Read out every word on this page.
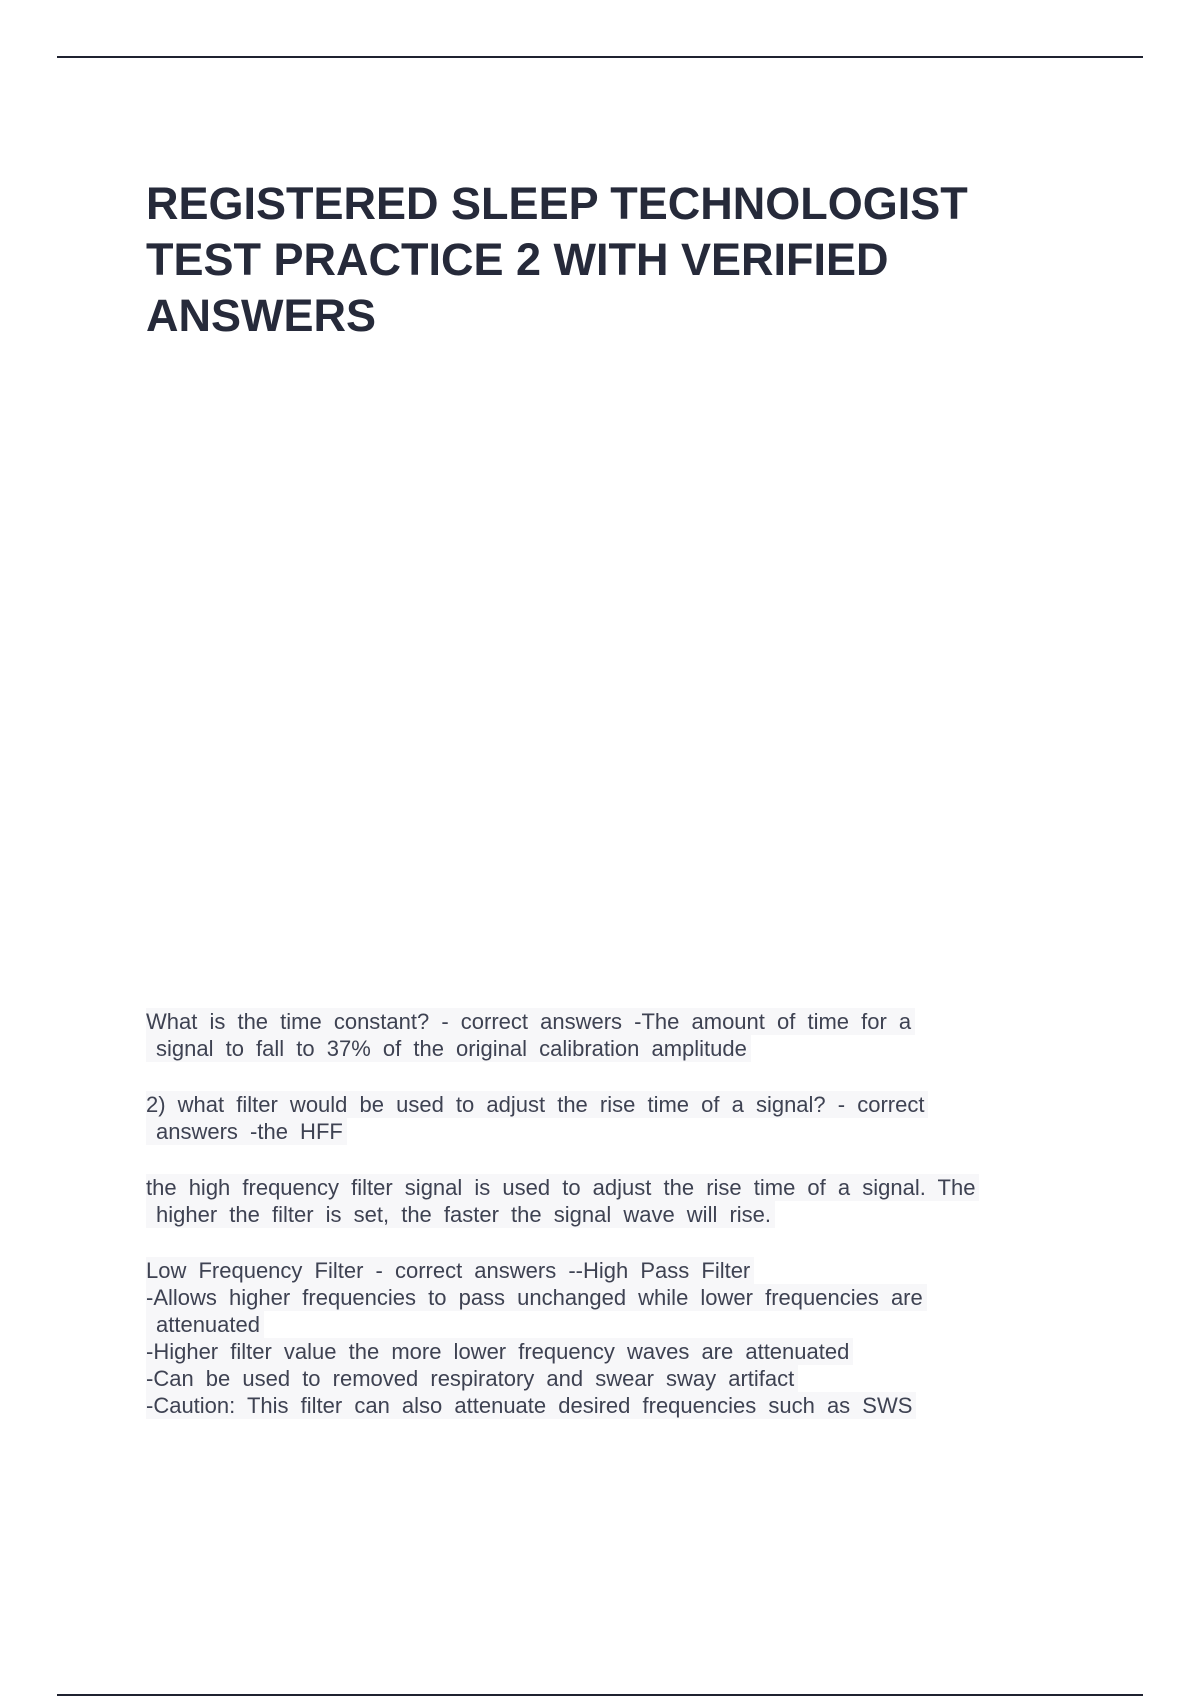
REGISTERED SLEEP TECHNOLOGIST
TEST PRACTICE 2 WITH VERIFIED
ANSWERS
What is the time constant? - correct answers -The amount of time for a
signal to fall to 37% of the original calibration amplitude
2) what filter would be used to adjust the rise time of a signal? - correct
answers -the HFF
the high frequency filter signal is used to adjust the rise time of a signal. The
higher the filter is set, the faster the signal wave will rise.
Low Frequency Filter - correct answers --High Pass Filter
-Allows higher frequencies to pass unchanged while lower frequencies are
attenuated
-Higher filter value the more lower frequency waves are attenuated
-Can be used to removed respiratory and swear sway artifact
-Caution: This filter can also attenuate desired frequencies such as SWS
